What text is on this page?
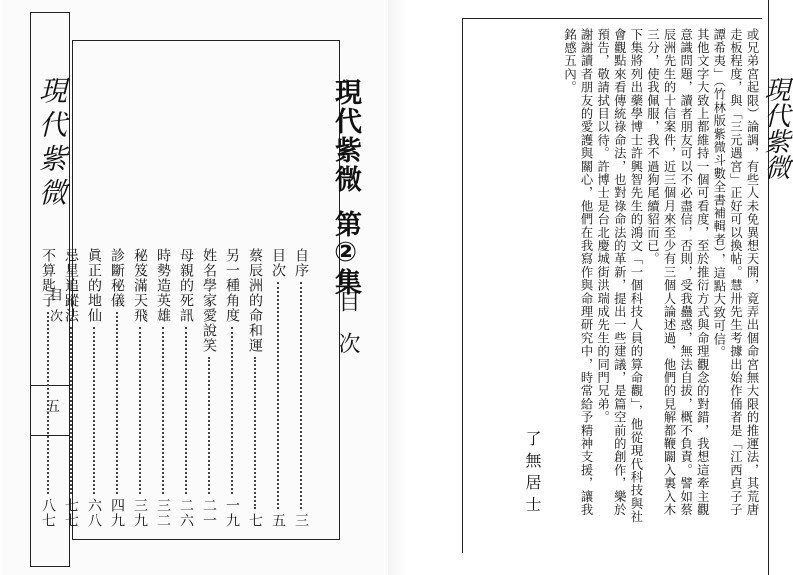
現代紫微
目次
五
現代紫微
第②集
目次
自序
三
目次
五
蔡辰洲的命和運
七
另一種角度
一九
姓名學家愛說笑
二一
母親的死訊
二六
時勢造英雄
三二
秘笈滿天飛
三九
診斷秘儀
四九
眞正的地仙
六八
忌星追蹤法
七七
不算匙子
八七
現代紫微

或兄弟宮起限）論調，有些人未免異想天開，竟弄出個命宮無大限的推運法，其荒唐走板程度，與「三元遇宮」正好可以換帖。慧卅先生考據出始作俑者是「江西貞子子譚希夷」（竹林版紫微斗數全書補輯者），這點大致可信。

其他文字大致上都維持一個可看度，至於推衍方式與命理觀念的對錯，我想這牽主觀意識問題，讀者朋友可以不必盡信，否則，受我蠱惑，無法自拔，概不負責。譬如蔡辰洲先生的十信案件，近三個月來至少有三個人論述過，他們的見解都鞭闢入裏入木三分，使我佩服，我不過狗尾續貂而已。

下集將列出藥學博士許興智先生的鴻文「一個科技人員的算命觀」，他從現代科技與社會觀點來看傳統祿命法，也對祿命法的革新，提出一些建議，是篇空前的創作，樂於預告，敬請拭目以待。許博士是台北慶城街洪瑞成先生的同門兄弟。

謝謝讀者朋友的愛護與關心，他們在我寫作與命理研究中，時常給予精神支援，讓我銘感五內。

了無居士
